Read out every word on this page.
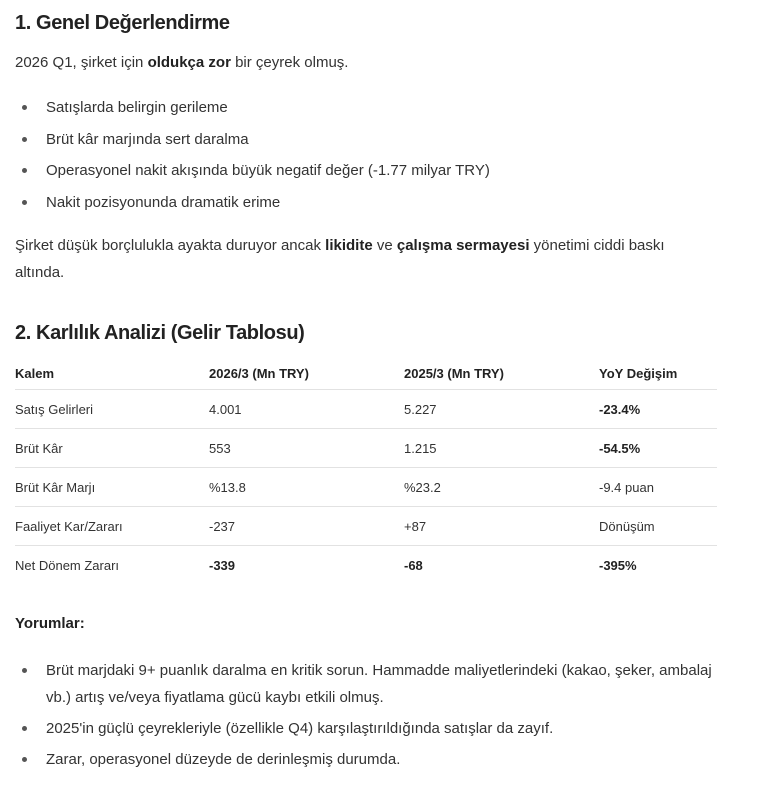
1. Genel Değerlendirme

2026 Q1, şirket için oldukça zor bir çeyrek olmuş.

Satışlarda belirgin gerileme
Brüt kâr marjında sert daralma
Operasyonel nakit akışında büyük negatif değer (-1.77 milyar TRY)
Nakit pozisyonunda dramatik erime

Şirket düşük borçlulukla ayakta duruyor ancak likidite ve çalışma sermayesi yönetimi ciddi baskı altında.

2. Karlılık Analizi (Gelir Tablosu)
Kalem	2026/3 (Mn TRY)	2025/3 (Mn TRY)	YoY Değişim
Satış Gelirleri	4.001	5.227	-23.4%
Brüt Kâr	553	1.215	-54.5%
Brüt Kâr Marjı	%13.8	%23.2	-9.4 puan
Faaliyet Kar/Zararı	-237	+87	Dönüşüm
Net Dönem Zararı	-339	-68	-395%
Yorumlar:
Brüt marjdaki 9+ puanlık daralma en kritik sorun. Hammadde maliyetlerindeki (kakao, şeker, ambalaj vb.) artış ve/veya fiyatlama gücü kaybı etkili olmuş.
2025'in güçlü çeyrekleriyle (özellikle Q4) karşılaştırıldığında satışlar da zayıf.
Zarar, operasyonel düzeyde de derinleşmiş durumda.
